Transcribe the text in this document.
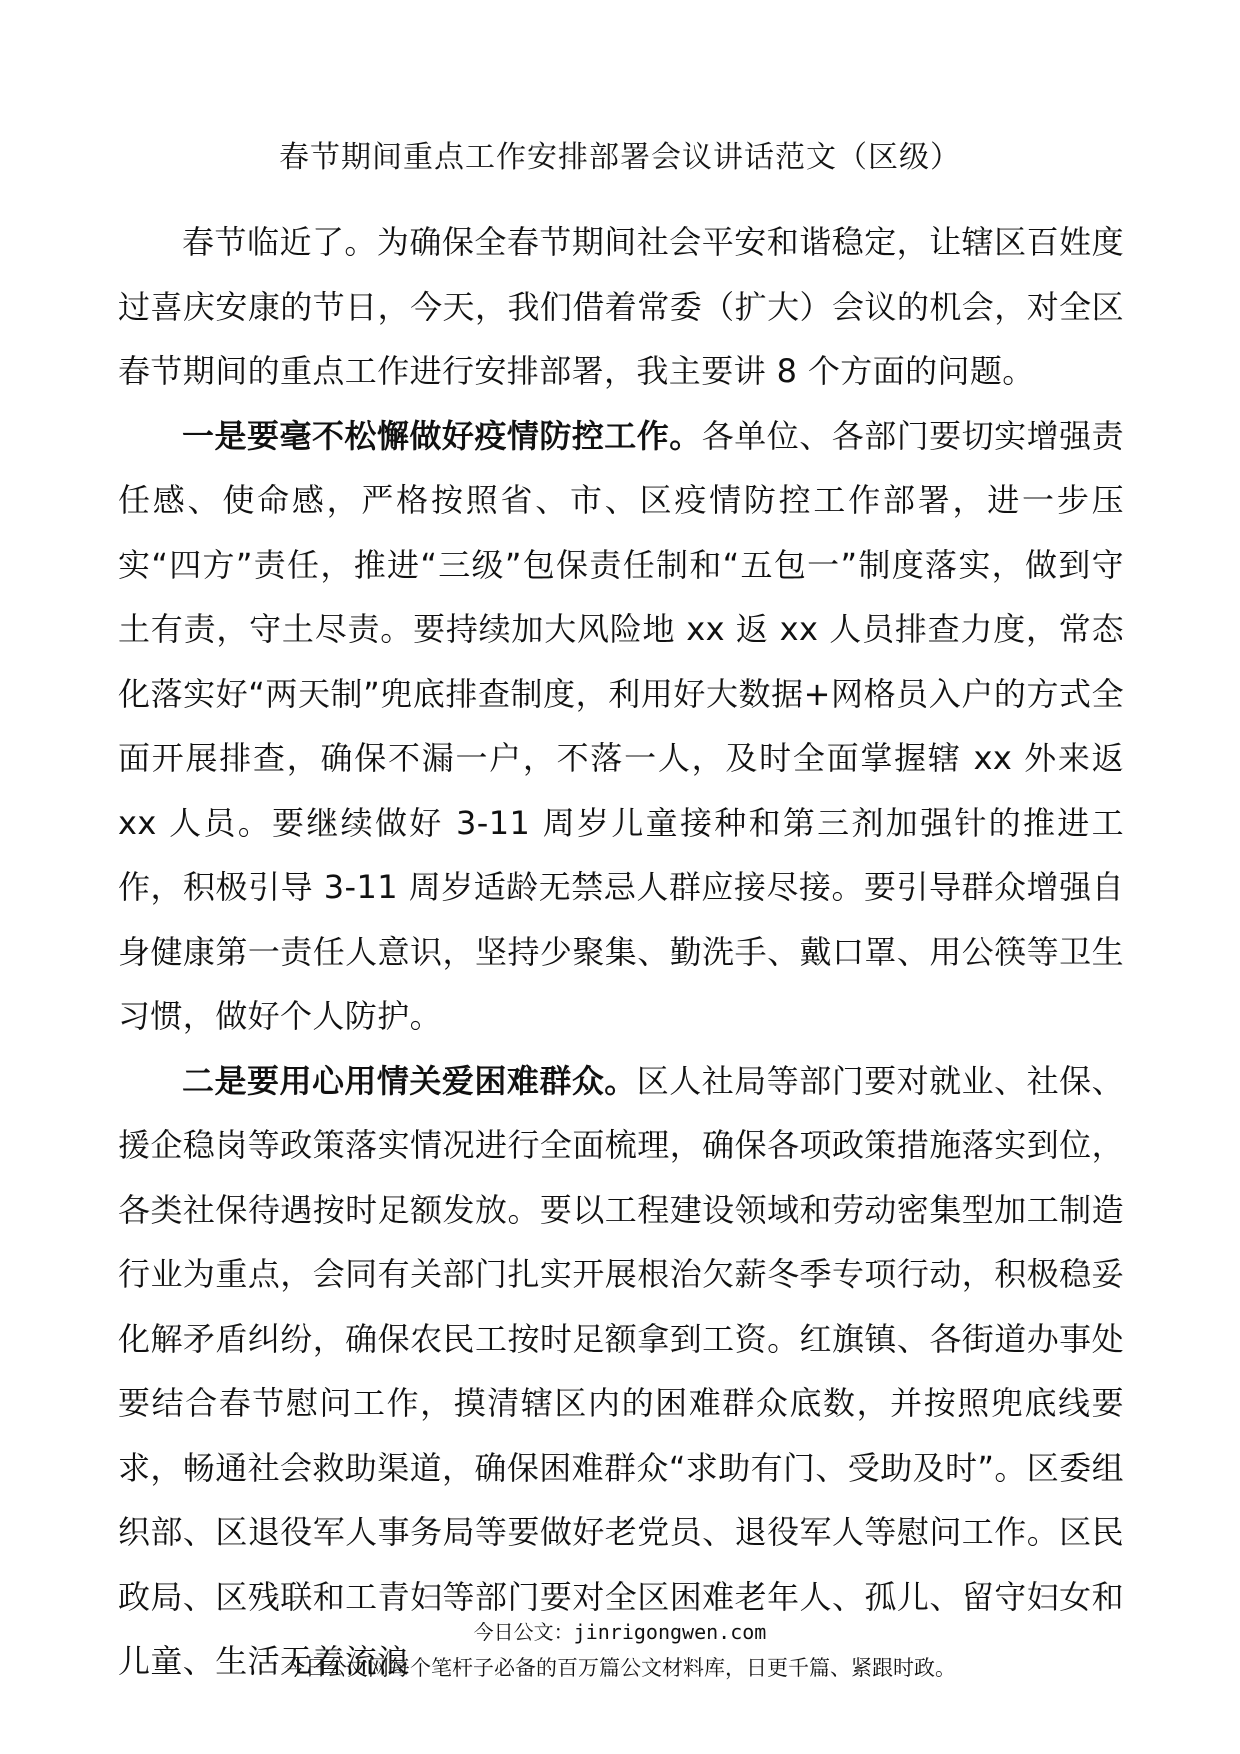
春节期间重点工作安排部署会议讲话范文（区级）

春节临近了。为确保全春节期间社会平安和谐稳定，让辖区百姓度过喜庆安康的节日，今天，我们借着常委（扩大）会议的机会，对全区春节期间的重点工作进行安排部署，我主要讲 8 个方面的问题。

一是要毫不松懈做好疫情防控工作。各单位、各部门要切实增强责任感、使命感，严格按照省、市、区疫情防控工作部署，进一步压实“四方”责任，推进“三级”包保责任制和“五包一”制度落实，做到守土有责，守土尽责。要持续加大风险地 xx 返 xx 人员排查力度，常态化落实好“两天制”兜底排查制度，利用好大数据+网格员入户的方式全面开展排查，确保不漏一户，不落一人，及时全面掌握辖 xx 外来返 xx 人员。要继续做好 3-11 周岁儿童接种和第三剂加强针的推进工作，积极引导 3-11 周岁适龄无禁忌人群应接尽接。要引导群众增强自身健康第一责任人意识，坚持少聚集、勤洗手、戴口罩、用公筷等卫生习惯，做好个人防护。

二是要用心用情关爱困难群众。区人社局等部门要对就业、社保、援企稳岗等政策落实情况进行全面梳理，确保各项政策措施落实到位，各类社保待遇按时足额发放。要以工程建设领域和劳动密集型加工制造行业为重点，会同有关部门扎实开展根治欠薪冬季专项行动，积极稳妥化解矛盾纠纷，确保农民工按时足额拿到工资。红旗镇、各街道办事处要结合春节慰问工作，摸清辖区内的困难群众底数，并按照兜底线要求，畅通社会救助渠道，确保困难群众“求助有门、受助及时”。区委组织部、区退役军人事务局等要做好老党员、退役军人等慰问工作。区民政局、区残联和工青妇等部门要对全区困难老年人、孤儿、留守妇女和儿童、生活无着流浪

今日公文：jinrigongwen.com
今日公文网每个笔杆子必备的百万篇公文材料库，日更千篇、紧跟时政。
